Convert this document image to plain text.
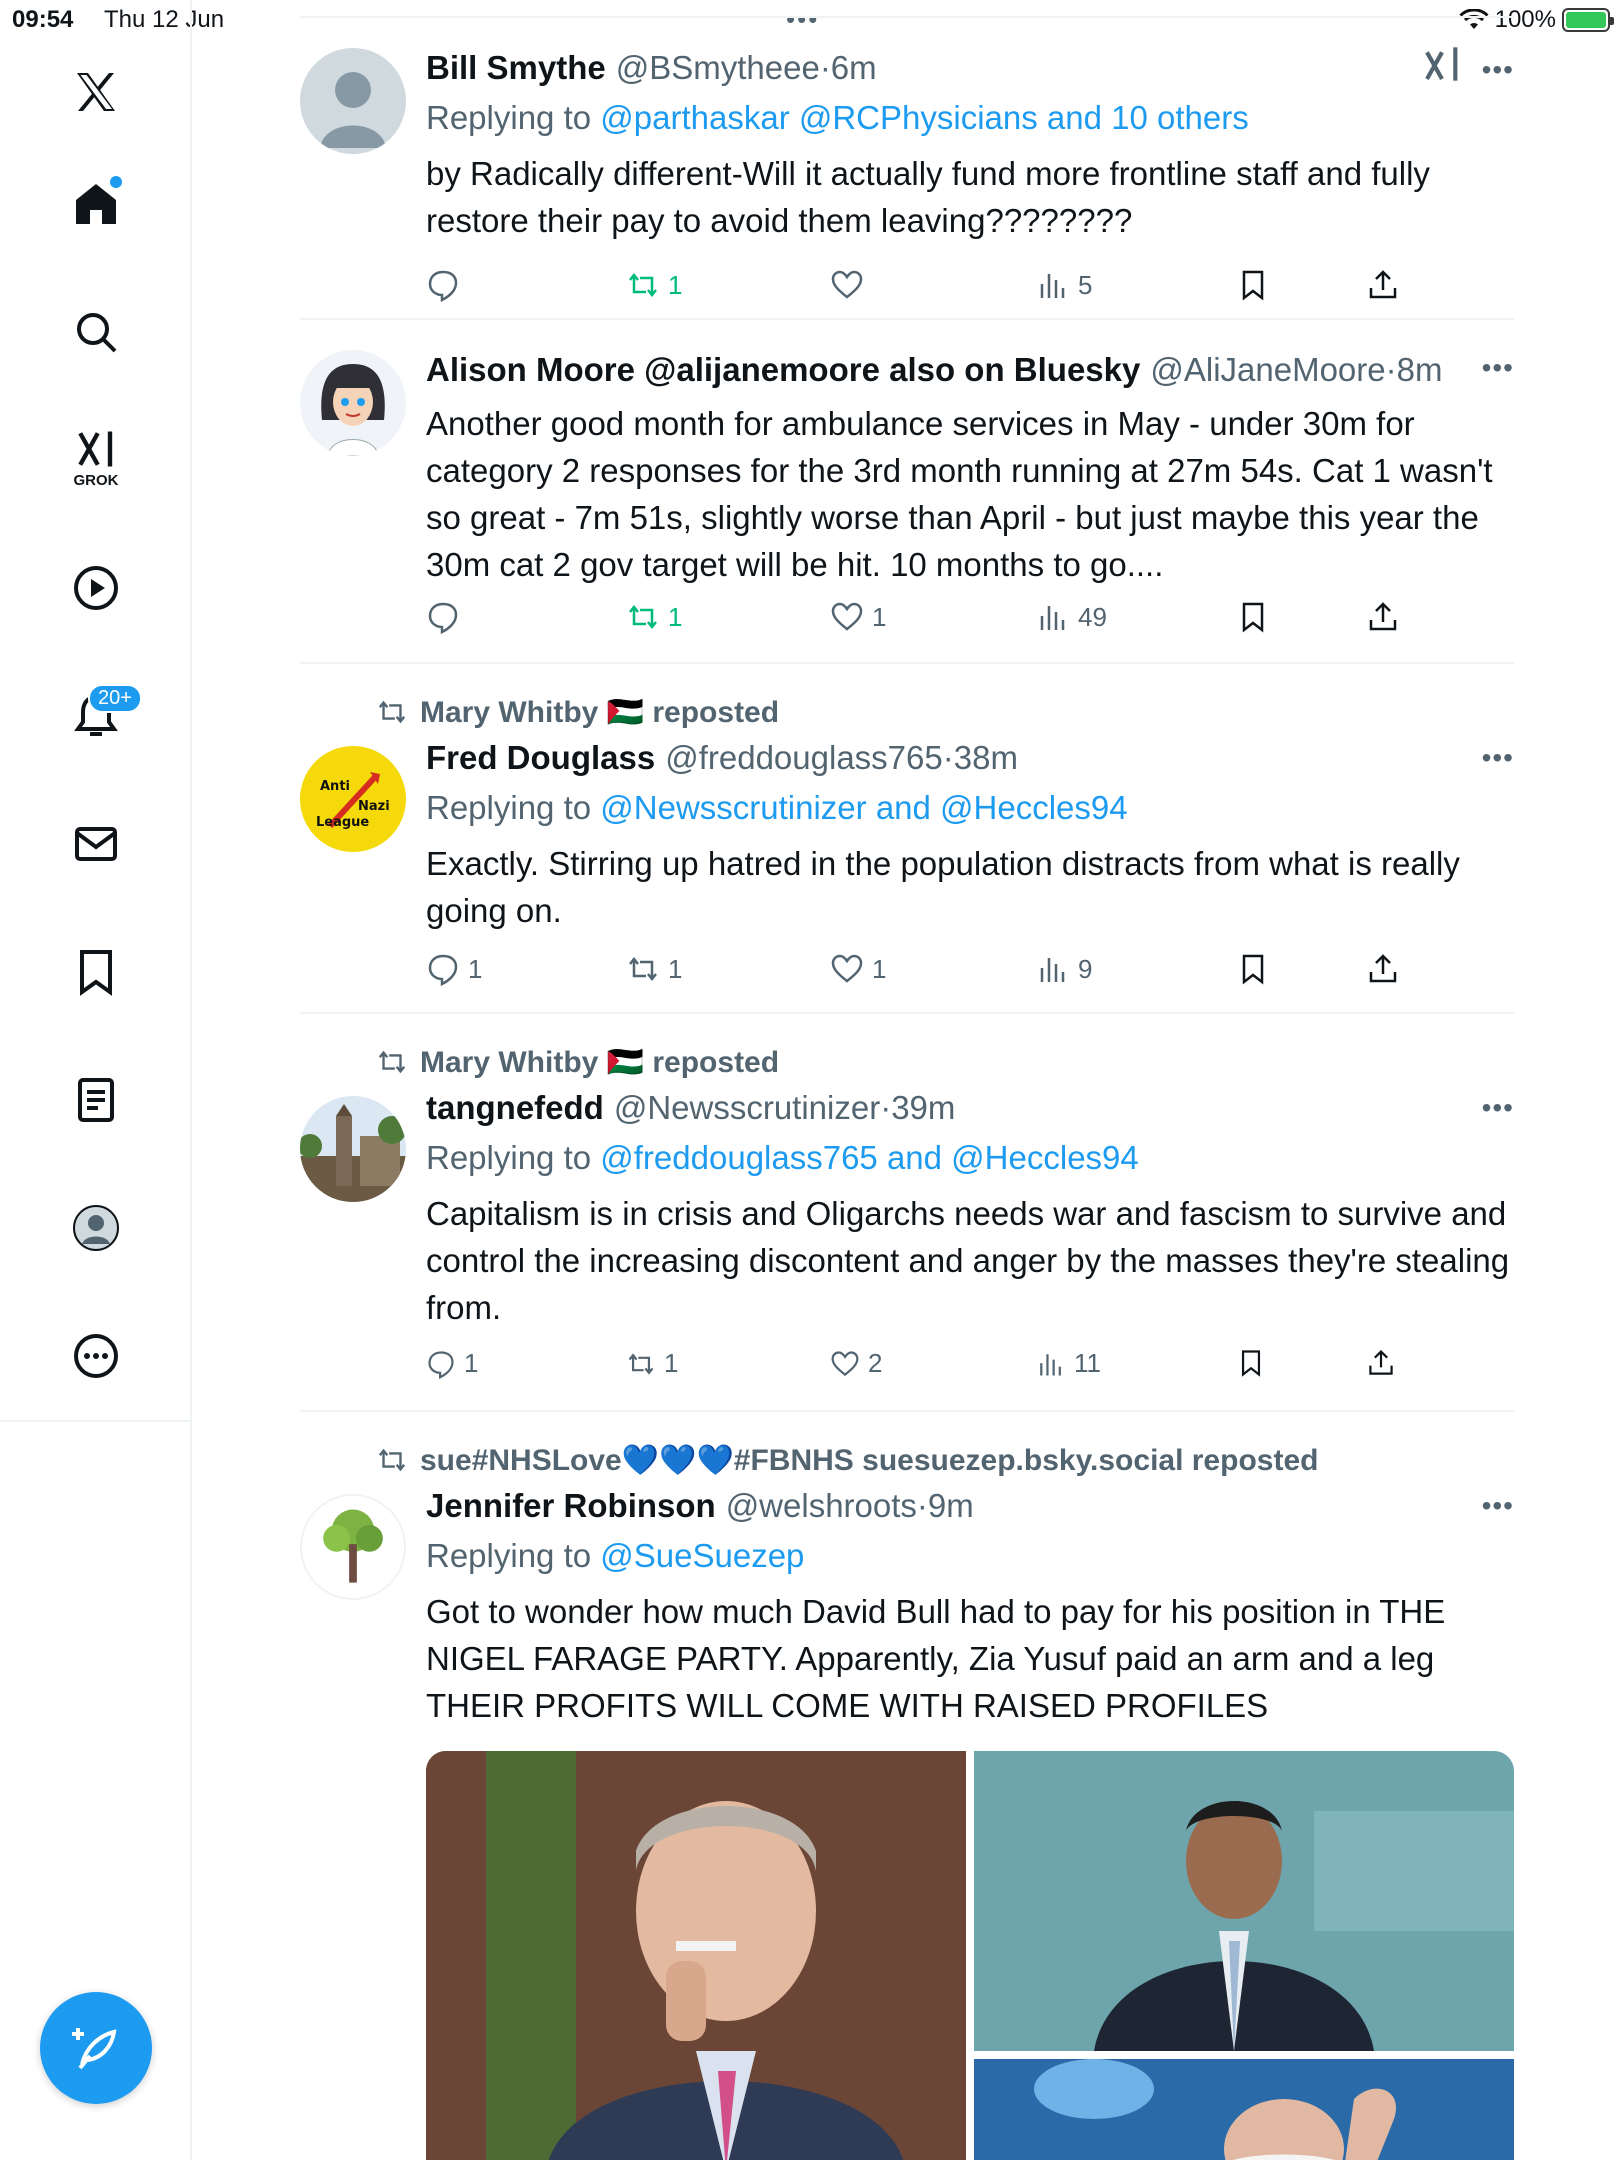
09:54 Thu 12 Jun	•••	100%
GROK
20+
Bill Smythe @BSmytheee ·6m
Replying to @parthaskar @RCPhysicians and 10 others
by Radically different-Will it actually fund more frontline staff and fully restore their pay to avoid them leaving????????
•••
1	5
Alison Moore @alijanemoore also on Bluesky @AliJaneMoore ·8m
Another good month for ambulance services in May - under 30m for category 2 responses for the 3rd month running at 27m 54s. Cat 1 wasn't so great - 7m 51s, slightly worse than April - but just maybe this year the 30m cat 2 gov target will be hit. 10 months to go....
•••
1	1	49
Mary Whitby 🇵🇸 reposted
Anti
Nazi
League
Fred Douglass @freddouglass765 ·38m
Replying to @Newsscrutinizer and @Heccles94
Exactly. Stirring up hatred in the population distracts from what is really going on.
•••
1	1	1	9
Mary Whitby 🇵🇸 reposted
tangnefedd @Newsscrutinizer ·39m
Replying to @freddouglass765 and @Heccles94
Capitalism is in crisis and Oligarchs needs war and fascism to survive and control the increasing discontent and anger by the masses they're stealing from.
•••
1	1	2	11
sue#NHSLove💙💙💙#FBNHS suesuezep.bsky.social reposted
Jennifer Robinson @welshroots ·9m
Replying to @SueSuezep
Got to wonder how much David Bull had to pay for his position in THE
NIGEL FARAGE PARTY. Apparently, Zia Yusuf paid an arm and a leg
THEIR PROFITS WILL COME WITH RAISED PROFILES
•••
